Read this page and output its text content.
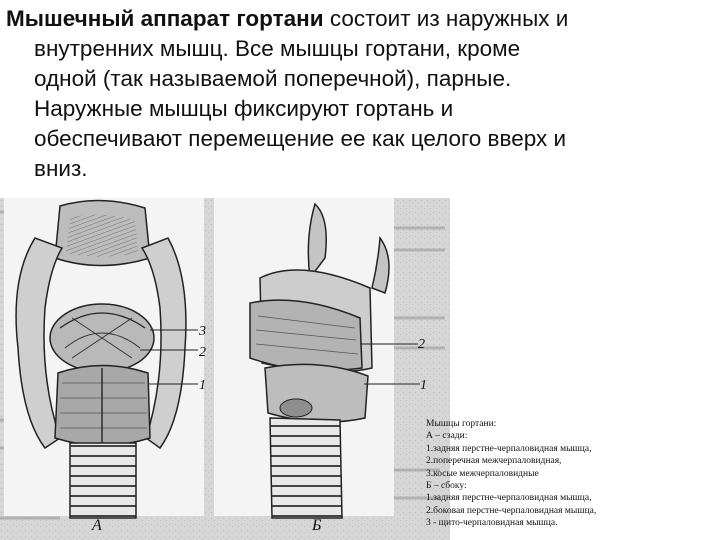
Мышечный аппарат гортани состоит из наружных и
внутренних мышц. Все мышцы гортани, кроме
одной (так называемой поперечной), парные.
Наружные мышцы фиксируют гортань и
обеспечивают перемещение ее как целого вверх и
вниз.
3
2
1
А
2
1
Б
Мышцы гортани:
А – сзади:
1.задняя перстне-черпаловидная мышца,
2.поперечная межчерпаловидная,
3.косые межчерпаловидные
Б – сбоку:
1.задняя перстне-черпаловидная мышца,
2.боковая перстне-черпаловидная мышца,
3 - щито-черпаловидная мышца.
